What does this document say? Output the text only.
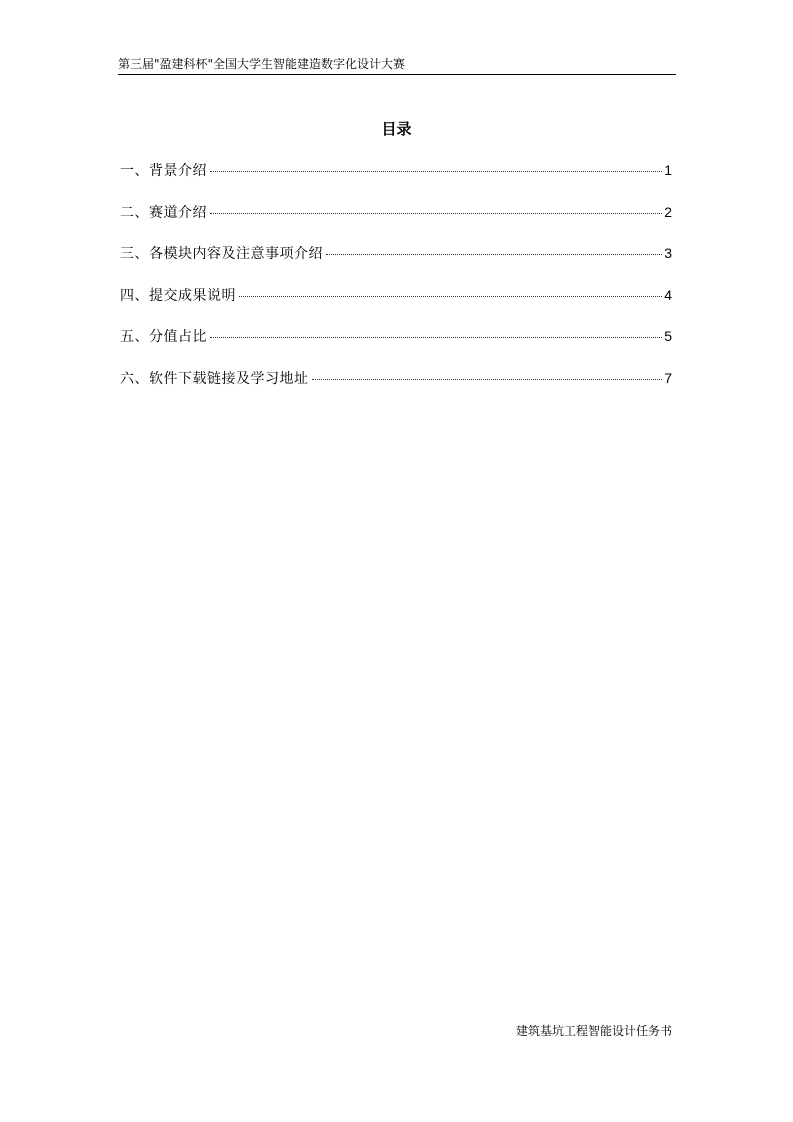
第三届"盈建科杯"全国大学生智能建造数字化设计大赛
目录
一、背景介绍	1
二、赛道介绍	2
三、各模块内容及注意事项介绍	3
四、提交成果说明	4
五、分值占比	5
六、软件下载链接及学习地址	7
建筑基坑工程智能设计任务书
